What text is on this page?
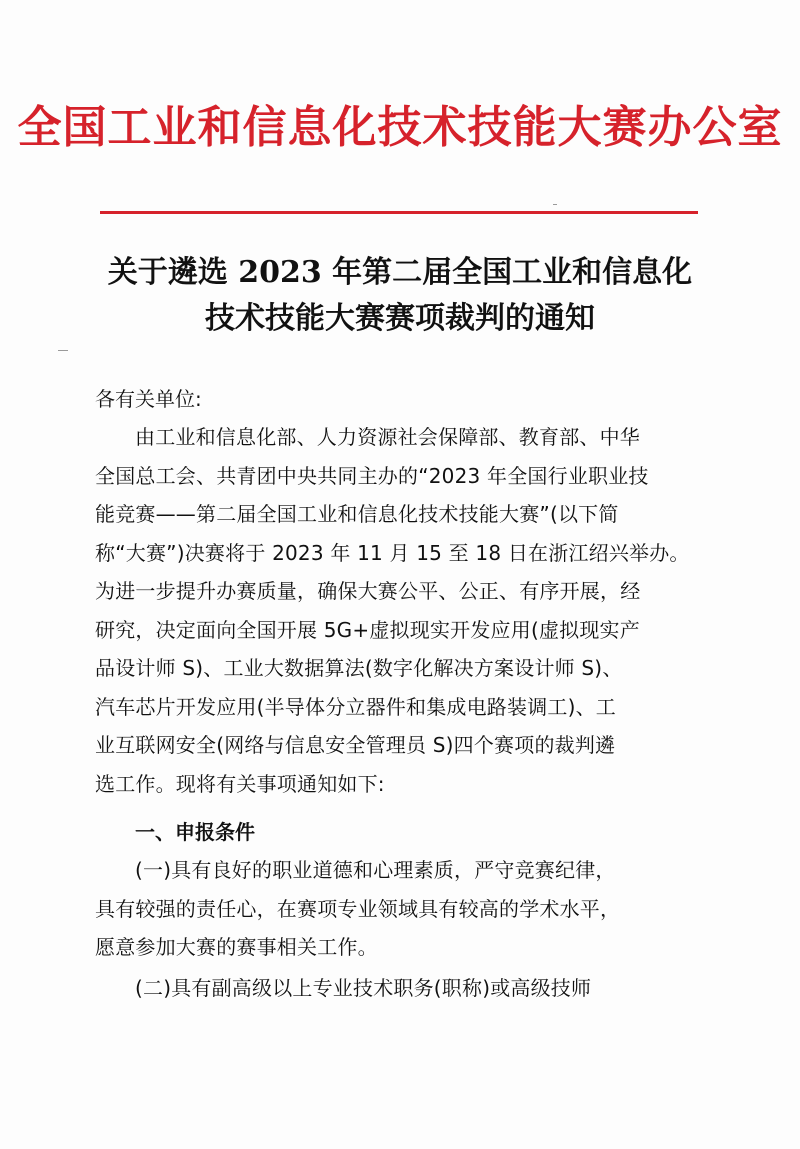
全国工业和信息化技术技能大赛办公室
关于遴选 2023 年第二届全国工业和信息化
技术技能大赛赛项裁判的通知
各有关单位:
由工业和信息化部、人力资源社会保障部、教育部、中华
全国总工会、共青团中央共同主办的“2023 年全国行业职业技
能竞赛——第二届全国工业和信息化技术技能大赛”(以下简
称“大赛”)决赛将于 2023 年 11 月 15 至 18 日在浙江绍兴举办。
为进一步提升办赛质量，确保大赛公平、公正、有序开展，经
研究，决定面向全国开展 5G+虚拟现实开发应用(虚拟现实产
品设计师 S)、工业大数据算法(数字化解决方案设计师 S)、
汽车芯片开发应用(半导体分立器件和集成电路装调工)、工
业互联网安全(网络与信息安全管理员 S)四个赛项的裁判遴
选工作。现将有关事项通知如下:
一、申报条件
(一)具有良好的职业道德和心理素质，严守竞赛纪律，
具有较强的责任心，在赛项专业领域具有较高的学术水平，
愿意参加大赛的赛事相关工作。
(二)具有副高级以上专业技术职务(职称)或高级技师
